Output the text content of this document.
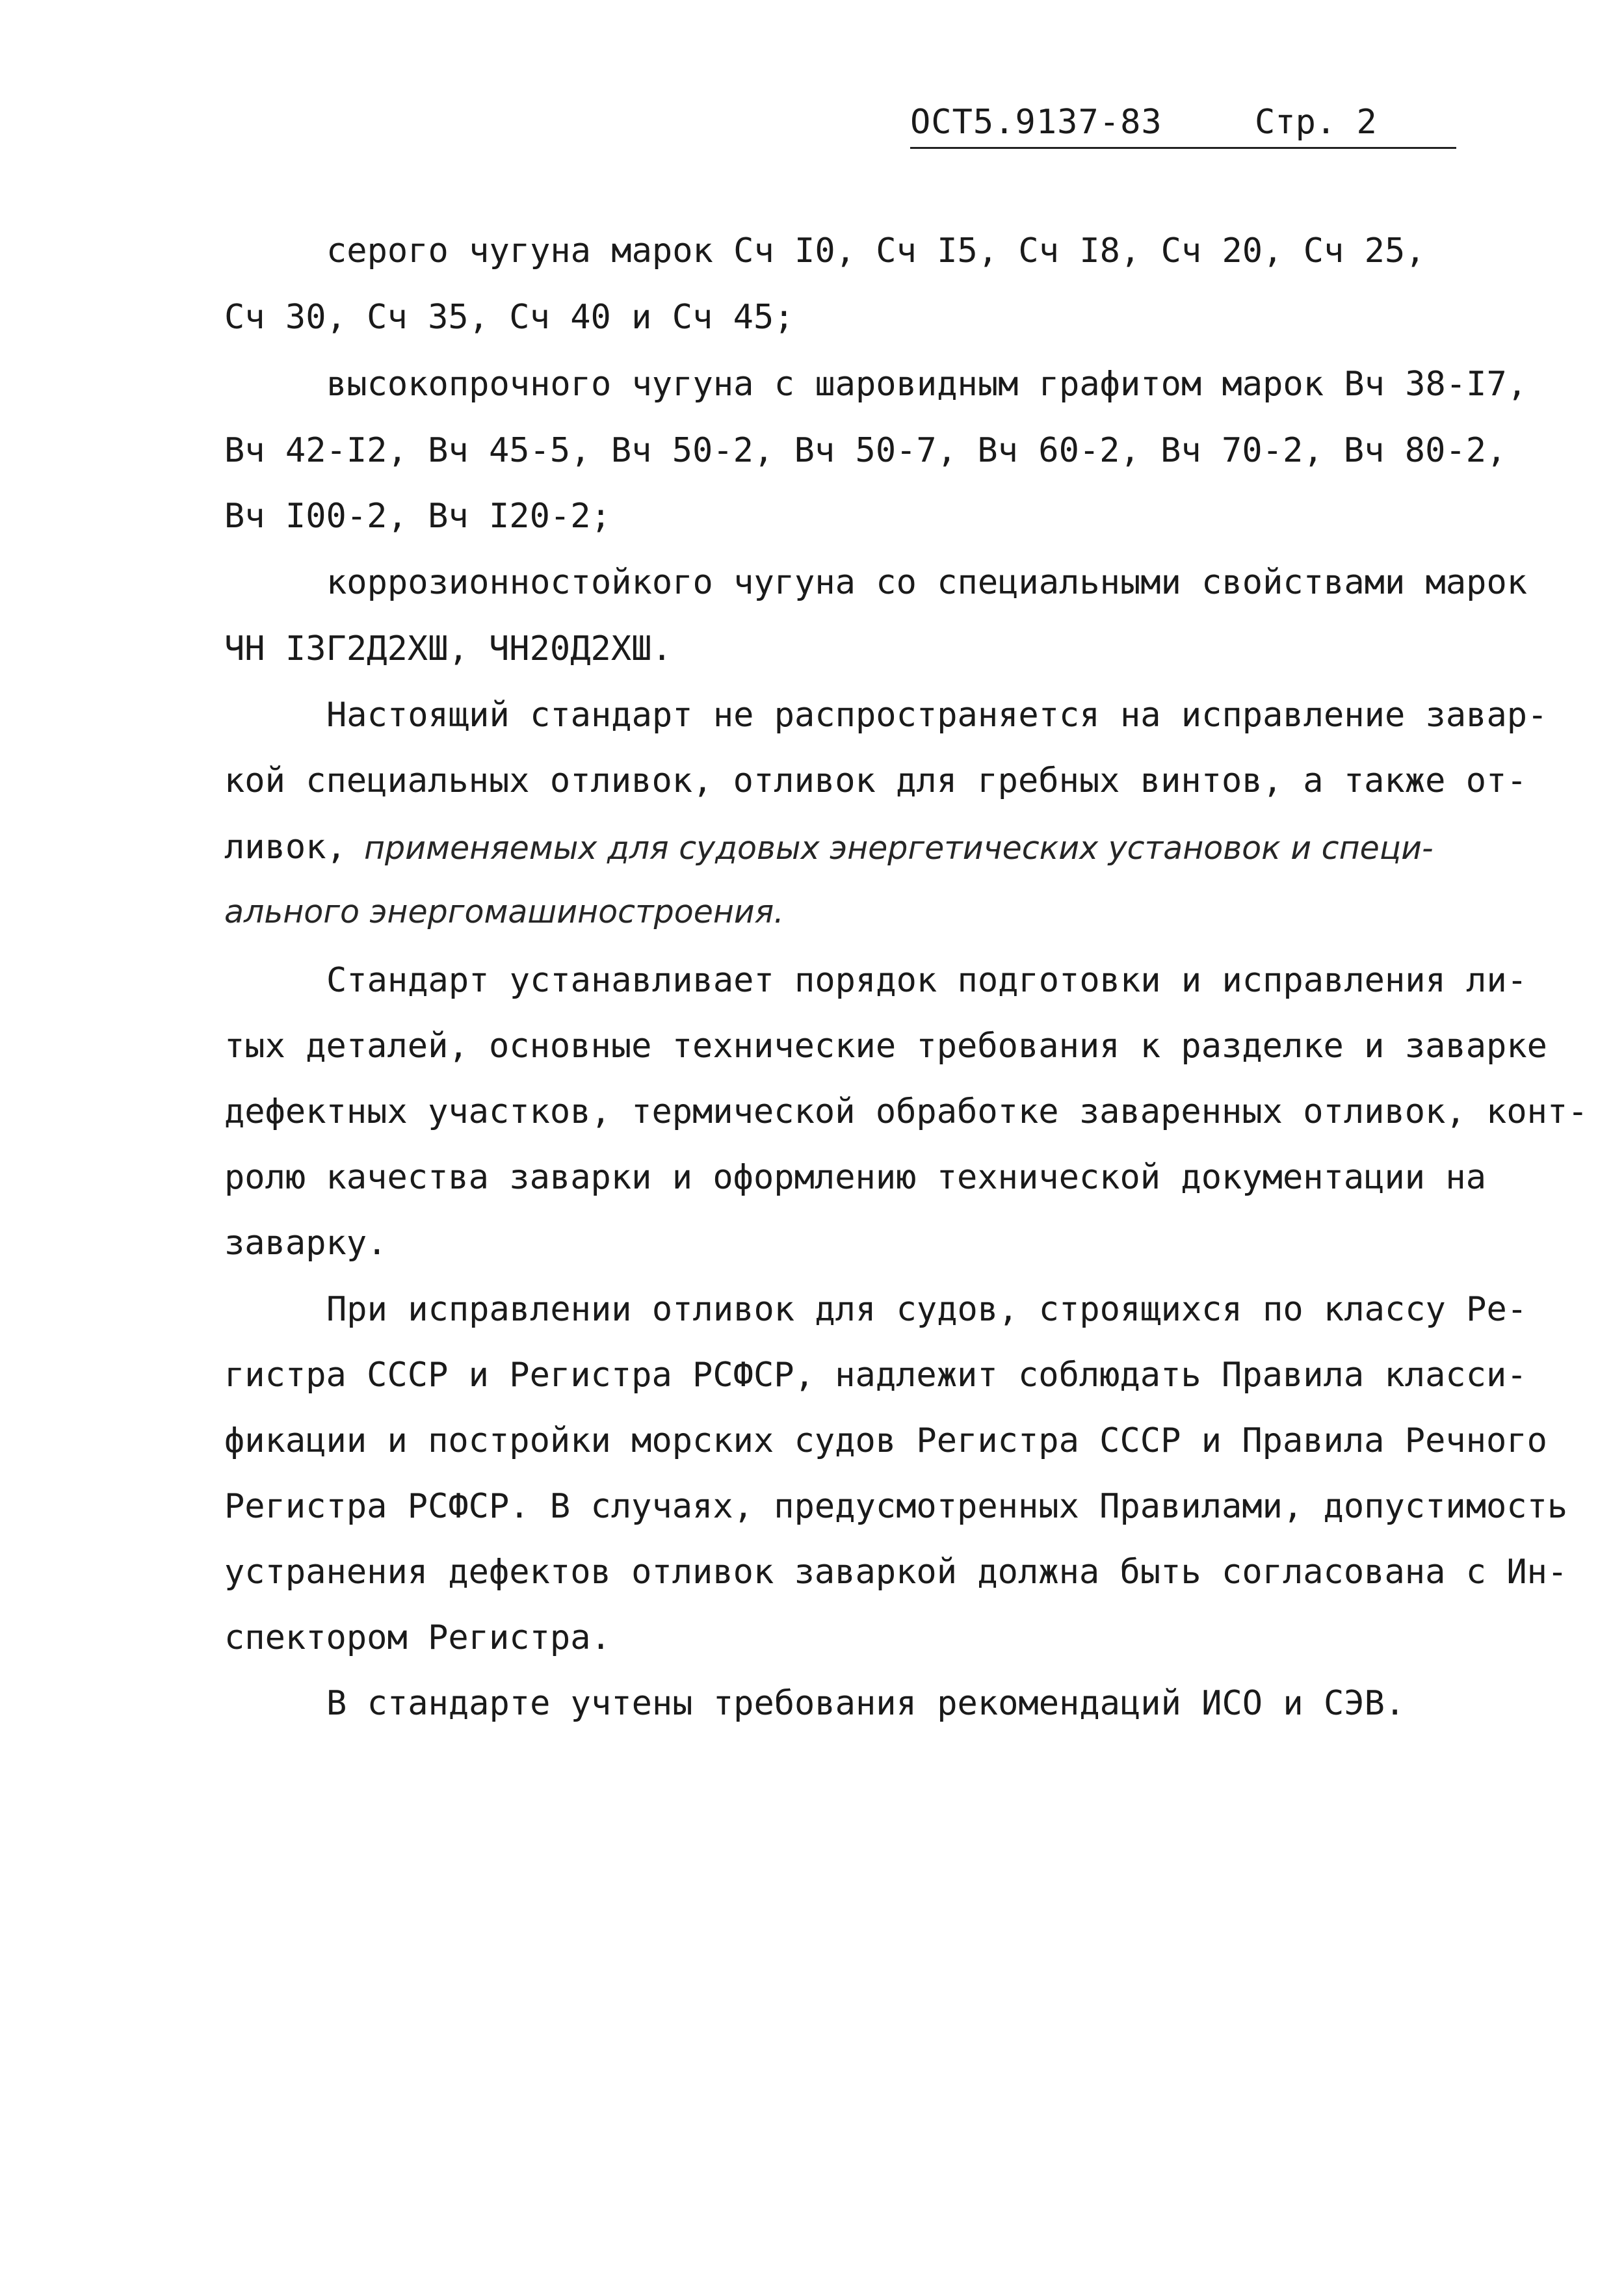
ОСТ5.9137-83	Стр. 2
серого чугуна марок Сч I0, Сч I5, Сч I8, Сч 20, Сч 25,
Сч 30, Сч 35, Сч 40 и Сч 45;
высокопрочного чугуна с шаровидным графитом марок Вч 38-I7,
Вч 42-I2, Вч 45-5, Вч 50-2, Вч 50-7, Вч 60-2, Вч 70-2, Вч 80-2,
Вч I00-2, Вч I20-2;
коррозионностойкого чугуна со специальными свойствами марок
ЧН I3Г2Д2ХШ, ЧН20Д2ХШ.
Настоящий стандарт не распространяется на исправление завар-
кой специальных отливок, отливок для гребных винтов, а также от-
ливок, применяемых для судовых энергетических установок и специ-
ального энергомашиностроения.
Стандарт устанавливает порядок подготовки и исправления ли-
тых деталей, основные технические требования к разделке и заварке
дефектных участков, термической обработке заваренных отливок, конт-
ролю качества заварки и оформлению технической документации на
заварку.
При исправлении отливок для судов, строящихся по классу Ре-
гистра СССР и Регистра РСФСР, надлежит соблюдать Правила класси-
фикации и постройки морских судов Регистра СССР и Правила Речного
Регистра РСФСР. В случаях, предусмотренных Правилами, допустимость
устранения дефектов отливок заваркой должна быть согласована с Ин-
спектором Регистра.
В стандарте учтены требования рекомендаций ИСО и СЭВ.
